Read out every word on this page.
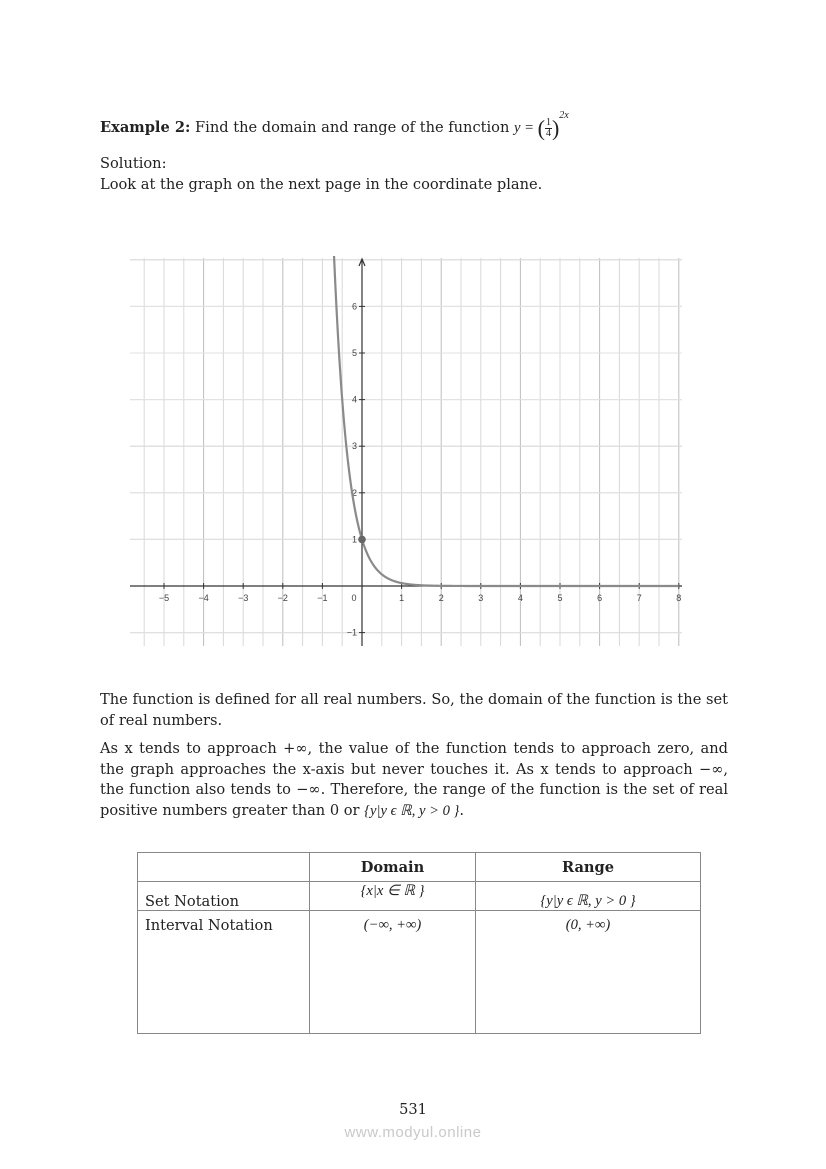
Example 2: Find the domain and range of the function y = ( $\frac{1}{4} )^{2x}$

Solution:

Look at the graph on the next page in the coordinate plane.

−5	−4	−3	−2	−1	0	1	2	3	4	5	6	7	8
−1
1
2
3
4
5
6

The function is defined for all real numbers. So, the domain of the function is the set of real numbers.

As x tends to approach +∞, the value of the function tends to approach zero, and the graph approaches the x-axis but never touches it. As x tends to approach −∞, the function also tends to −∞. Therefore, the range of the function is the set of real positive numbers greater than 0 or {y|y ϵ ℝ, y > 0 }.

	Domain	Range
Set Notation	{x|x ∈ ℝ }	{y|y ϵ ℝ, y > 0 }
Interval Notation	(−∞, +∞)	(0, +∞)
531
www.modyul.online
